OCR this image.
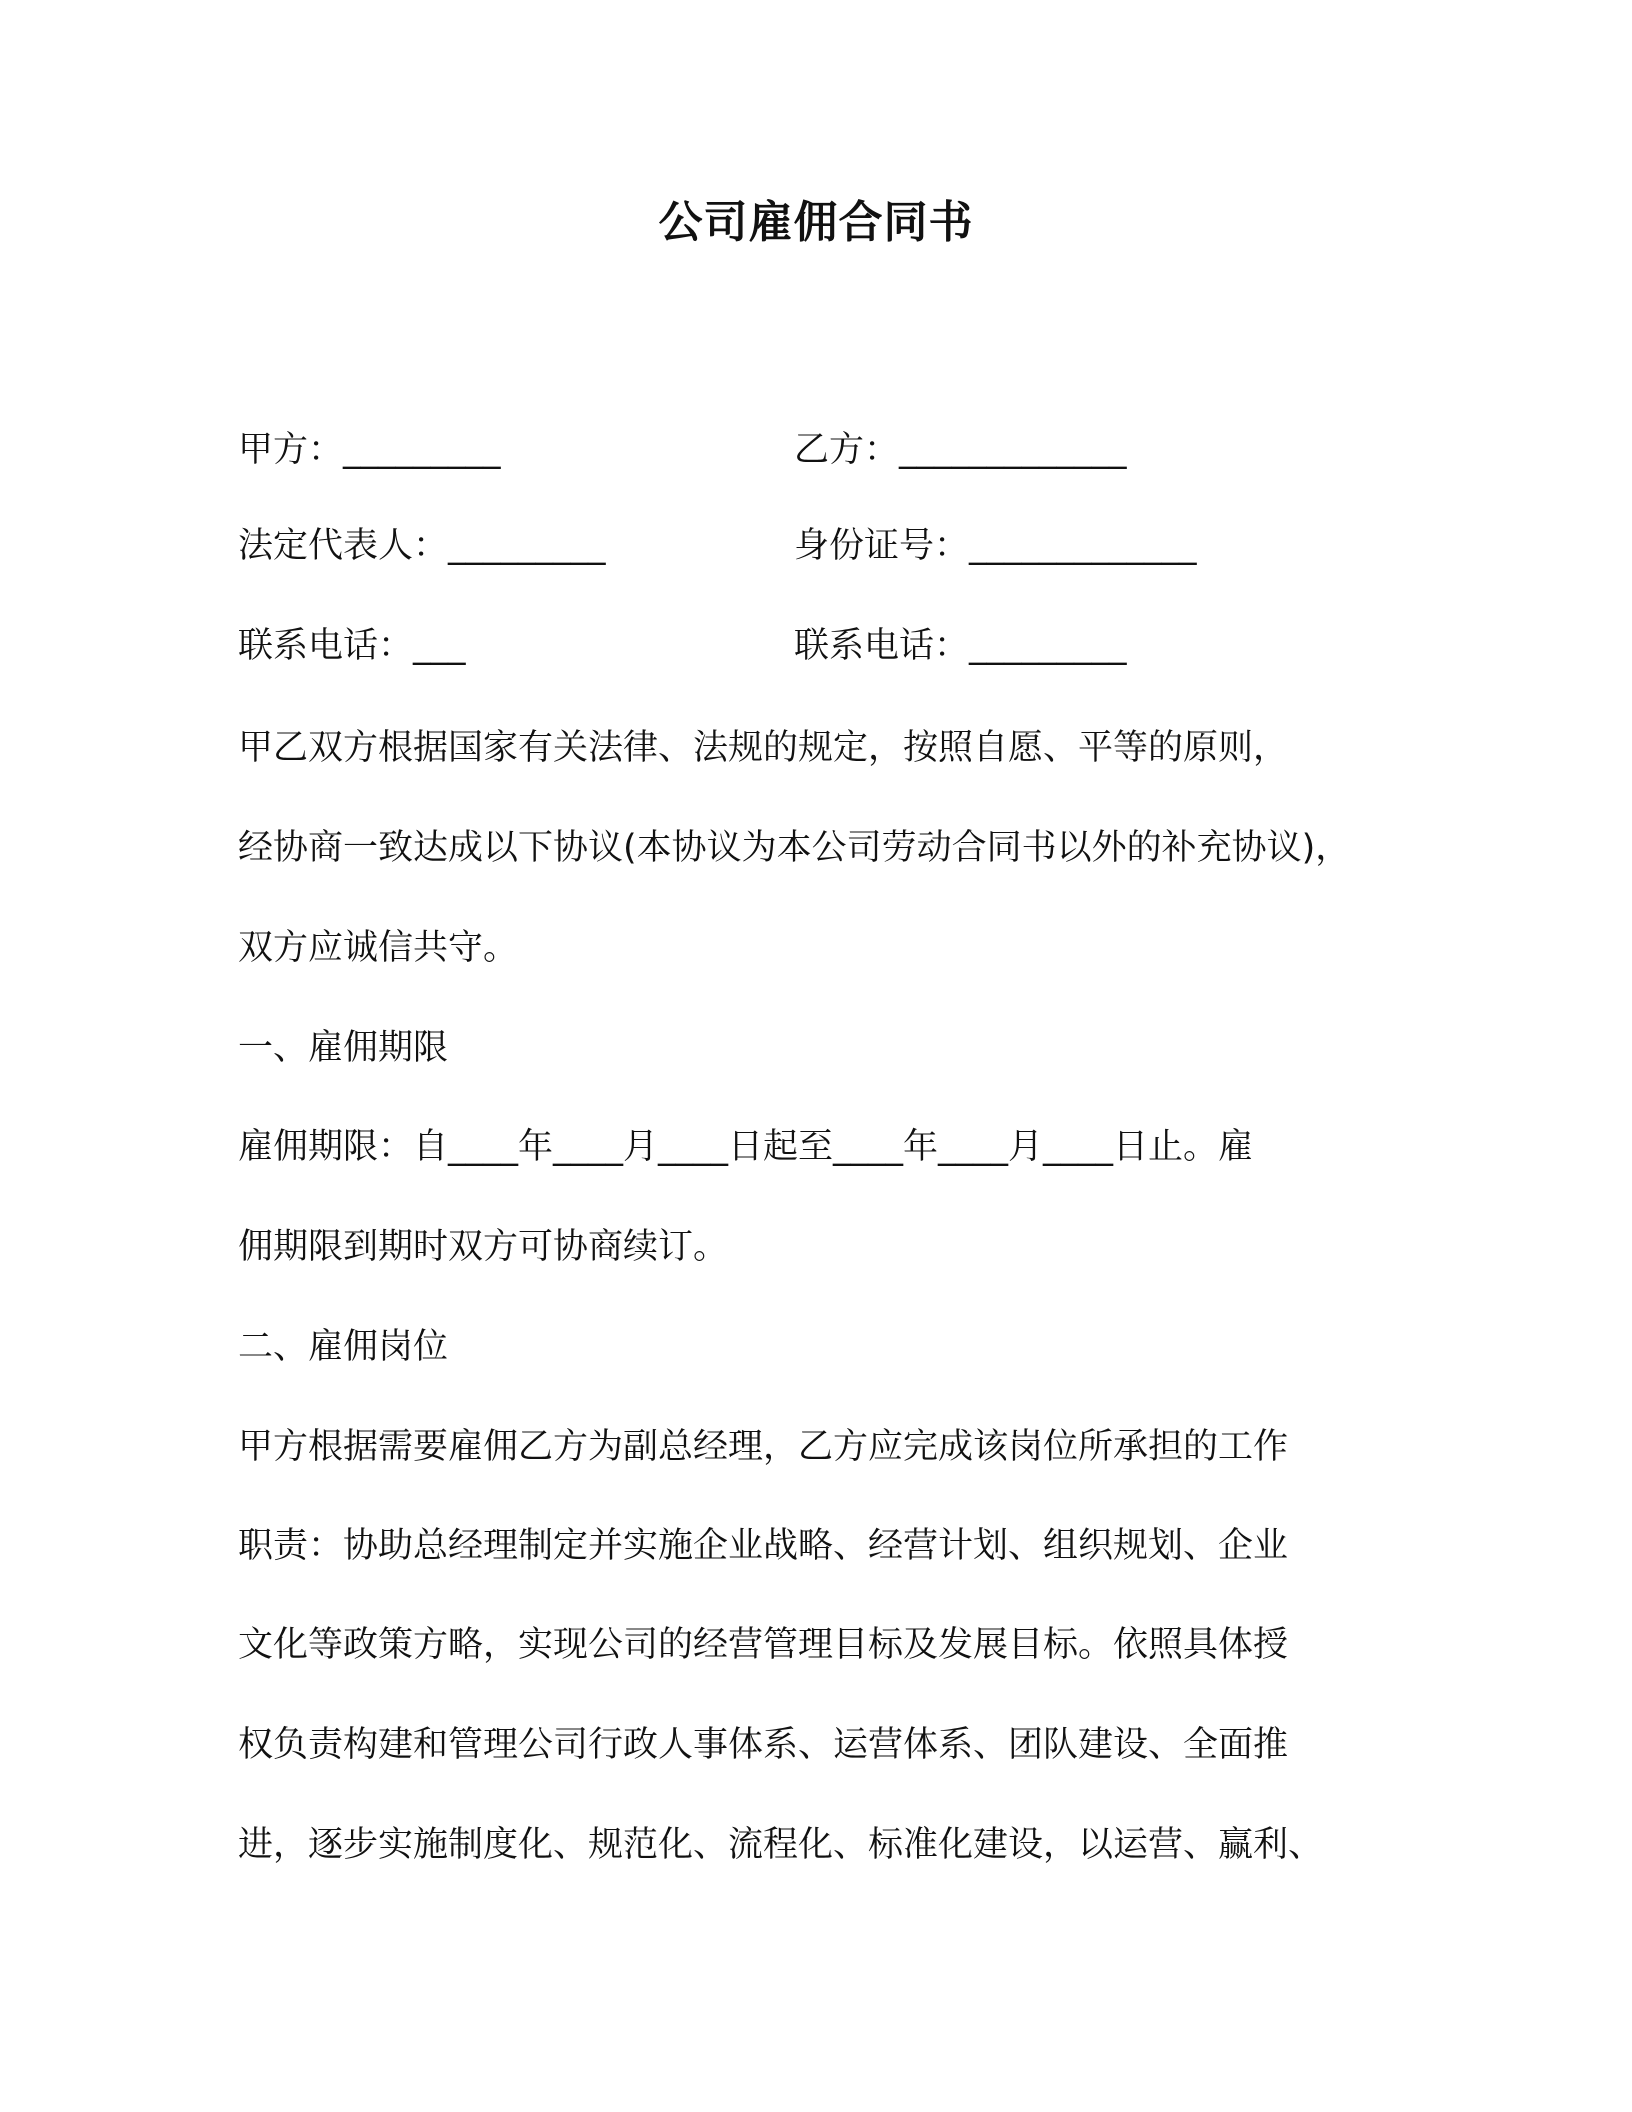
公司雇佣合同书
甲方：_________	乙方：_____________
法定代表人：_________	身份证号：_____________
联系电话：___	联系电话：_________
甲乙双方根据国家有关法律、法规的规定，按照自愿、平等的原则，
经协商一致达成以下协议(本协议为本公司劳动合同书以外的补充协议)，
双方应诚信共守。
一、雇佣期限
雇佣期限：自____年____月____日起至____年____月____日止。雇
佣期限到期时双方可协商续订。
二、雇佣岗位
甲方根据需要雇佣乙方为副总经理，乙方应完成该岗位所承担的工作
职责：协助总经理制定并实施企业战略、经营计划、组织规划、企业
文化等政策方略，实现公司的经营管理目标及发展目标。依照具体授
权负责构建和管理公司行政人事体系、运营体系、团队建设、全面推
进，逐步实施制度化、规范化、流程化、标准化建设，以运营、赢利、
